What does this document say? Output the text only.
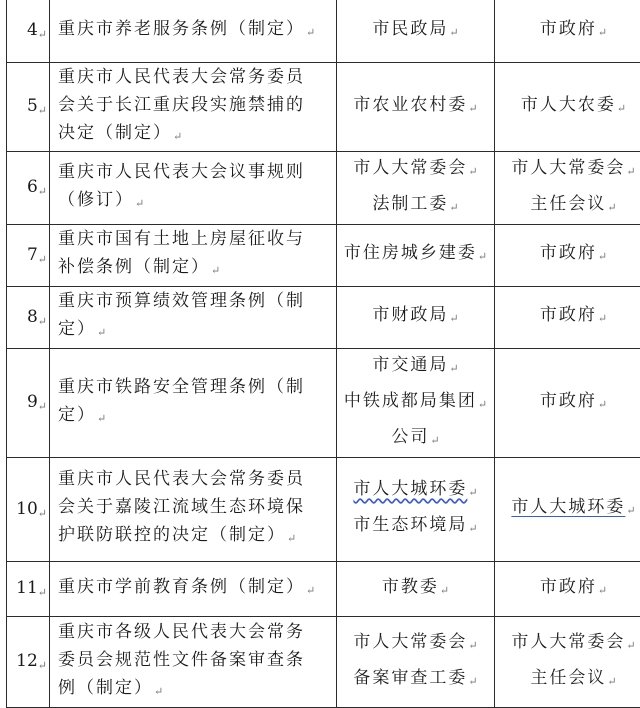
4↵	重庆市养老服务条例（制定）↵	市民政局↵	市政府↵

5↵	重庆市人民代表大会常务委员
会关于长江重庆段实施禁捕的
决定（制定）↵	市农业农村委↵	市人大农委↵

6↵	重庆市人民代表大会议事规则
（修订）↵	市人大常委会↵
法制工委↵	市人大常委会↵
主任会议↵

7↵	重庆市国有土地上房屋征收与
补偿条例（制定）↵	市住房城乡建委↵	市政府↵

8↵	重庆市预算绩效管理条例（制
定）↵	市财政局↵	市政府↵

9↵	重庆市铁路安全管理条例（制
定）↵	市交通局↵
中铁成都局集团↵
公司↵	市政府↵

10↵	重庆市人民代表大会常务委员
会关于嘉陵江流域生态环境保
护联防联控的决定（制定）↵	市人大城环委↵
市生态环境局↵	市人大城环委↵

11↵	重庆市学前教育条例（制定）↵	市教委↵	市政府↵

12↵	重庆市各级人民代表大会常务
委员会规范性文件备案审查条
例（制定）↵	市人大常委会↵
备案审查工委↵	市人大常委会↵
主任会议↵
